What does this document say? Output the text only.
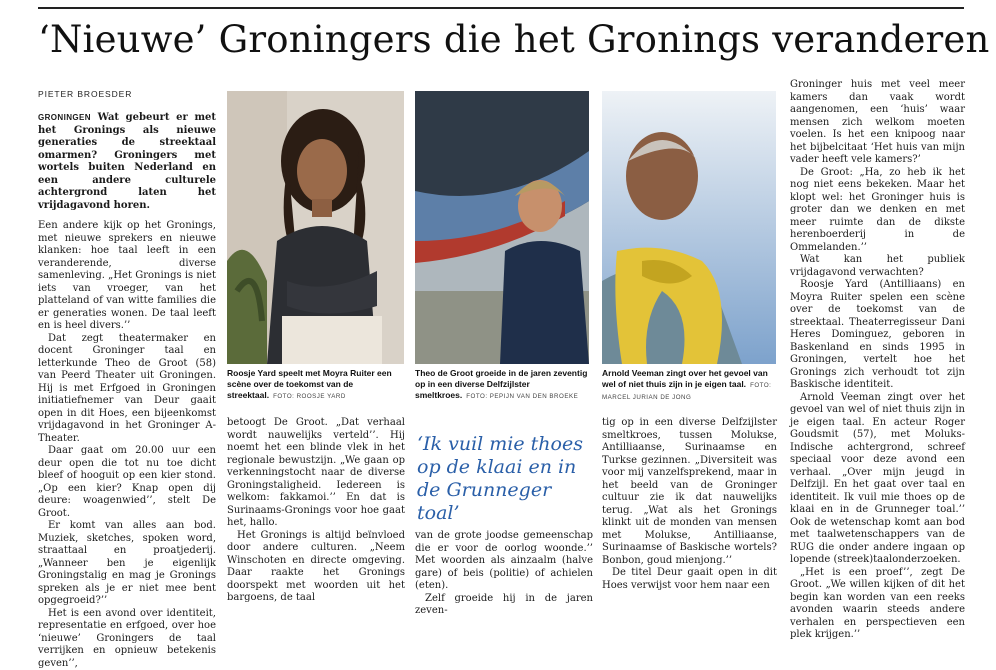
‘Nieuwe’ Groningers die het Gronings veranderen
PIETER BROESDER

GRONINGEN Wat gebeurt er met het Gronings als nieuwe generaties de streektaal omarmen? Groningers met wortels buiten Nederland en een andere culturele achtergrond laten het vrijdagavond horen.

Een andere kijk op het Gronings, met nieuwe sprekers en nieuwe klanken: hoe taal leeft in een veranderende, diverse samenleving. „Het Gronings is niet iets van vroeger, van het platteland of van witte families die er generaties wonen. De taal leeft en is heel divers.’’

Dat zegt theatermaker en docent Groninger taal en letterkunde Theo de Groot (58) van Peerd Theater uit Groningen. Hij is met Erfgoed in Groningen initiatiefnemer van Deur gaait open in dit Hoes, een bijeenkomst vrijdagavond in het Groninger A-Theater.

Daar gaat om 20.00 uur een deur open die tot nu toe dicht bleef of hooguit op een kier stond. „Op een kier? Knap open dij deure: woagenwied’’, stelt De Groot.

Er komt van alles aan bod. Muziek, sketches, spoken word, straattaal en proatjederij. „Wanneer ben je eigenlijk Groningstalig en mag je Gronings spreken als je er niet mee bent opgegroeid?’’

Het is een avond over identiteit, representatie en erfgoed, over hoe ‘nieuwe’ Groningers de taal verrijken en opnieuw betekenis geven’’,

Roosje Yard speelt met Moyra Ruiter een scène over de toekomst van de streektaal. FOTO: ROOSJE YARD

betoogt De Groot. „Dat verhaal wordt nauwelijks verteld’’. Hij noemt het een blinde vlek in het regionale bewustzijn. „We gaan op verkenningstocht naar de diverse Groningstaligheid. Iedereen is welkom: fakkamoi.’’ En dat is Surinaams-Gronings voor hoe gaat het, hallo.

Het Gronings is altijd beïnvloed door andere culturen. „Neem Winschoten en directe omgeving. Daar raakte het Gronings doorspekt met woorden uit het bargoens, de taal

Theo de Groot groeide in de jaren zeventig op in een diverse Delfzijlster smeltkroes. FOTO: PEPIJN VAN DEN BROEKE
‘Ik vuil mie thoes op de klaai en in de Grunneger toal’

van de grote joodse gemeenschap die er voor de oorlog woonde.’’ Met woorden als ainzaalm (halve gare) of beis (politie) of achielen (eten).

Zelf groeide hij in de jaren zeven-

Arnold Veeman zingt over het gevoel van wel of niet thuis zijn in je eigen taal. FOTO: MARCEL JURIAN DE JONG

tig op in een diverse Delfzijlster smeltkroes, tussen Molukse, Antilliaanse, Surinaamse en Turkse gezinnen. „Diversiteit was voor mij vanzelfsprekend, maar in het beeld van de Groninger cultuur zie ik dat nauwelijks terug. „Wat als het Gronings klinkt uit de monden van mensen met Molukse, Antilliaanse, Surinaamse of Baskische wortels? Bonbon, goud mienjong.’’

De titel Deur gaait open in dit Hoes verwijst voor hem naar een

Groninger huis met veel meer kamers dan vaak wordt aangenomen, een ‘huis’ waar mensen zich welkom moeten voelen. Is het een knipoog naar het bijbelcitaat ‘Het huis van mijn vader heeft vele kamers?’

De Groot: „Ha, zo heb ik het nog niet eens bekeken. Maar het klopt wel: het Groninger huis is groter dan we denken en met meer ruimte dan de dikste herenboerderij in de Ommelanden.’’

Wat kan het publiek vrijdagavond verwachten?

Roosje Yard (Antilliaans) en Moyra Ruiter spelen een scène over de toekomst van de streektaal. Theaterregisseur Dani Heres Dominguez, geboren in Baskenland en sinds 1995 in Groningen, vertelt hoe het Gronings zich verhoudt tot zijn Baskische identiteit.

Arnold Veeman zingt over het gevoel van wel of niet thuis zijn in je eigen taal. En acteur Roger Goudsmit (57), met Moluks-Indische achtergrond, schreef speciaal voor deze avond een verhaal. „Over mijn jeugd in Delfzijl. En het gaat over taal en identiteit. Ik vuil mie thoes op de klaai en in de Grunneger toal.’’ Ook de wetenschap komt aan bod met taalwetenschappers van de RUG die onder andere ingaan op lopende (streek)taalonderzoeken.

„Het is een proef’’, zegt De Groot. „We willen kijken of dit het begin kan worden van een reeks avonden waarin steeds andere verhalen en perspectieven een plek krijgen.’’
